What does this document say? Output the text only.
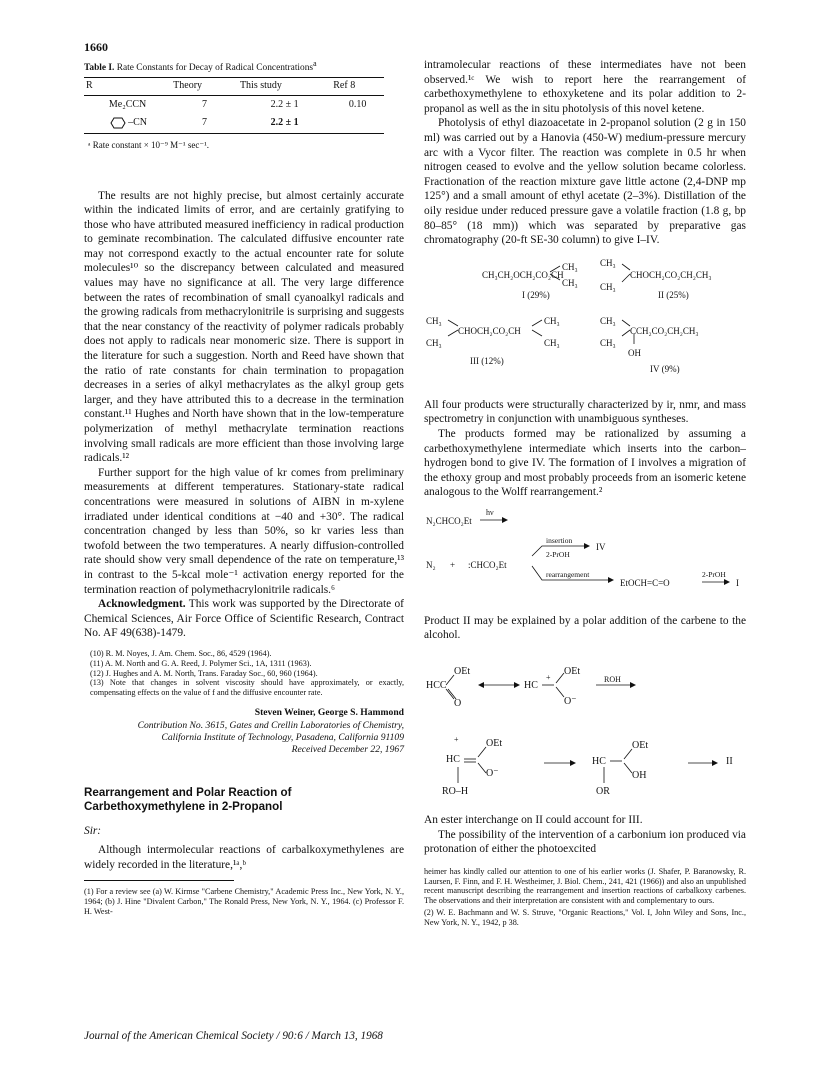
1660
Table I. Rate Constants for Decay of Radical Concentrations$^a$
R	Theory	This study	Ref 8
Me₂CCN	7	2.2 ± 1	0.10
–CN	7	2.2 ± 1	
ᵃ Rate constant × 10⁻⁹ M⁻¹ sec⁻¹.

The results are not highly precise, but almost certainly accurate within the indicated limits of error, and are certainly gratifying to those who have attributed measured inefficiency in radical production to geminate recombination. The calculated diffusive encounter rate may not correspond exactly to the actual encounter rate for solute molecules¹⁰ so the discrepancy between calculated and measured values may have no significance at all. The very large difference between the rates of recombination of small cyanoalkyl radicals and the growing radicals from methacrylonitrile is surprising and suggests that the near constancy of the reactivity of polymer radicals probably does not apply to radicals near monomeric size. There is support in the literature for such a suggestion. North and Reed have shown that the ratio of rate constants for chain termination to propagation decreases in a series of alkyl methacrylates as the alkyl group gets larger, and they have attributed this to a decrease in the termination constant.¹¹ Hughes and North have shown that in the low-temperature polymerization of methyl methacrylate termination reactions involving small radicals are more efficient than those involving large radicals.¹²

Further support for the high value of kr comes from preliminary measurements at different temperatures. Stationary-state radical concentrations were measured in solutions of AIBN in m-xylene irradiated under identical conditions at −40 and +30°. The radical concentration changed by less than 50%, so kr varies less than twofold between the two temperatures. A nearly diffusion-controlled rate should show very small dependence of the rate on temperature,¹³ in contrast to the 5-kcal mole⁻¹ activation energy reported for the termination reaction of polymethacrylonitrile radicals.⁶

Acknowledgment. This work was supported by the Directorate of Chemical Sciences, Air Force Office of Scientific Research, Contract No. AF 49(638)-1479.

(10) R. M. Noyes, J. Am. Chem. Soc., 86, 4529 (1964).

(11) A. M. North and G. A. Reed, J. Polymer Sci., 1A, 1311 (1963).

(12) J. Hughes and A. M. North, Trans. Faraday Soc., 60, 960 (1964).

(13) Note that changes in solvent viscosity should have approximately, or exactly, compensating effects on the value of f and the diffusive encounter rate.

Steven Weiner, George S. Hammond
Contribution No. 3615, Gates and Crellin Laboratories of Chemistry,
California Institute of Technology, Pasadena, California 91109
Received December 22, 1967
Rearrangement and Polar Reaction of
Carbethoxymethylene in 2-Propanol
Sir:

Although intermolecular reactions of carbalkoxymethylenes are widely recorded in the literature,¹ᵃ,ᵇ

(1) For a review see (a) W. Kirmse "Carbene Chemistry," Academic Press Inc., New York, N. Y., 1964; (b) J. Hine "Divalent Carbon," The Ronald Press, New York, N. Y., 1964. (c) Professor F. H. West-

intramolecular reactions of these intermediates have not been observed.¹ᶜ We wish to report here the rearrangement of carbethoxymethylene to ethoxyketene and its polar addition to 2-propanol as well as the in situ photolysis of this novel ketene.

Photolysis of ethyl diazoacetate in 2-propanol solution (2 g in 150 ml) was carried out by a Hanovia (450-W) medium-pressure mercury arc with a Vycor filter. The reaction was complete in 0.5 hr when nitrogen ceased to evolve and the yellow solution became colorless. Fractionation of the reaction mixture gave little actone (2,4-DNP mp 125°) and a small amount of ethyl acetate (2–3%). Distillation of the oily residue under reduced pressure gave a volatile fraction (1.8 g, bp 80–85° (18 mm)) which was separated by preparative gas chromatography (20-ft SE-30 column) to give I–IV.

CH₃CH₂OCH₂CO₂CH
CH₃
CH₃
I (29%)
CH₃
CH₃
CHOCH₂CO₂CH₂CH₃
II (25%)
CH₃
CH₃
CHOCH₂CO₂CH
CH₃
CH₃
III (12%)
CH₃
CH₃
CCH₂CO₂CH₂CH₃
OH
IV (9%)

All four products were structurally characterized by ir, nmr, and mass spectrometry in conjunction with unambiguous syntheses.

The products formed may be rationalized by assuming a carbethoxymethylene intermediate which inserts into the carbon–hydrogen bond to give IV. The formation of I involves a migration of the ethoxy group and most probably proceeds from an isomeric ketene analogous to the Wolff rearrangement.²

N₂CHCO₂Et
hν
N₂ + :CHCO₂Et
insertion
2-PrOH
IV
rearrangement
EtOCH=C=O
2-PrOH
I

Product II may be explained by a polar addition of the carbene to the alcohol.

OEt
HCC
O
HC
+
OEt
O⁻
ROH
+	OEt
HC
O⁻
RO–H
OEt
HC
OH
OR
II

An ester interchange on II could account for III.

The possibility of the intervention of a carbonium ion produced via protonation of either the photoexcited

heimer has kindly called our attention to one of his earlier works (J. Shafer, P. Baranowsky, R. Laursen, F. Finn, and F. H. Westheimer, J. Biol. Chem., 241, 421 (1966)) and also an unpublished recent manuscript describing the rearrangement and insertion reactions of carbalkoxy carbenes. The observations and their interpretation are consistent with and complementary to ours.
(2) W. E. Bachmann and W. S. Struve, "Organic Reactions," Vol. I, John Wiley and Sons, Inc., New York, N. Y., 1942, p 38.
Journal of the American Chemical Society / 90:6 / March 13, 1968
